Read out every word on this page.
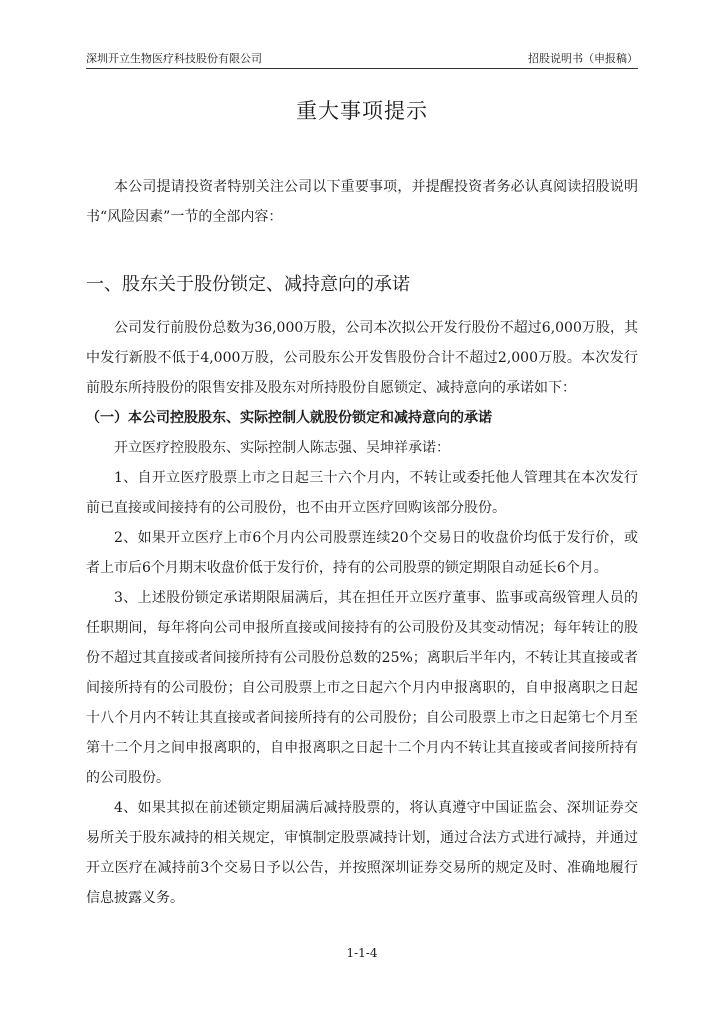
深圳开立生物医疗科技股份有限公司	招股说明书（申报稿）
重大事项提示

本公司提请投资者特别关注公司以下重要事项，并提醒投资者务必认真阅读招股说明书“风险因素”一节的全部内容：

一、股东关于股份锁定、减持意向的承诺

公司发行前股份总数为36,000万股，公司本次拟公开发行股份不超过6,000万股，其中发行新股不低于4,000万股，公司股东公开发售股份合计不超过2,000万股。本次发行前股东所持股份的限售安排及股东对所持股份自愿锁定、减持意向的承诺如下：

（一）本公司控股股东、实际控制人就股份锁定和减持意向的承诺

开立医疗控股股东、实际控制人陈志强、吴坤祥承诺：

1、自开立医疗股票上市之日起三十六个月内，不转让或委托他人管理其在本次发行前已直接或间接持有的公司股份，也不由开立医疗回购该部分股份。

2、如果开立医疗上市6个月内公司股票连续20个交易日的收盘价均低于发行价，或者上市后6个月期末收盘价低于发行价，持有的公司股票的锁定期限自动延长6个月。

3、上述股份锁定承诺期限届满后，其在担任开立医疗董事、监事或高级管理人员的任职期间，每年将向公司申报所直接或间接持有的公司股份及其变动情况；每年转让的股份不超过其直接或者间接所持有公司股份总数的25%；离职后半年内，不转让其直接或者间接所持有的公司股份；自公司股票上市之日起六个月内申报离职的，自申报离职之日起十八个月内不转让其直接或者间接所持有的公司股份；自公司股票上市之日起第七个月至第十二个月之间申报离职的，自申报离职之日起十二个月内不转让其直接或者间接所持有的公司股份。

4、如果其拟在前述锁定期届满后减持股票的，将认真遵守中国证监会、深圳证券交易所关于股东减持的相关规定，审慎制定股票减持计划，通过合法方式进行减持，并通过开立医疗在减持前3个交易日予以公告，并按照深圳证券交易所的规定及时、准确地履行信息披露义务。

1-1-4
